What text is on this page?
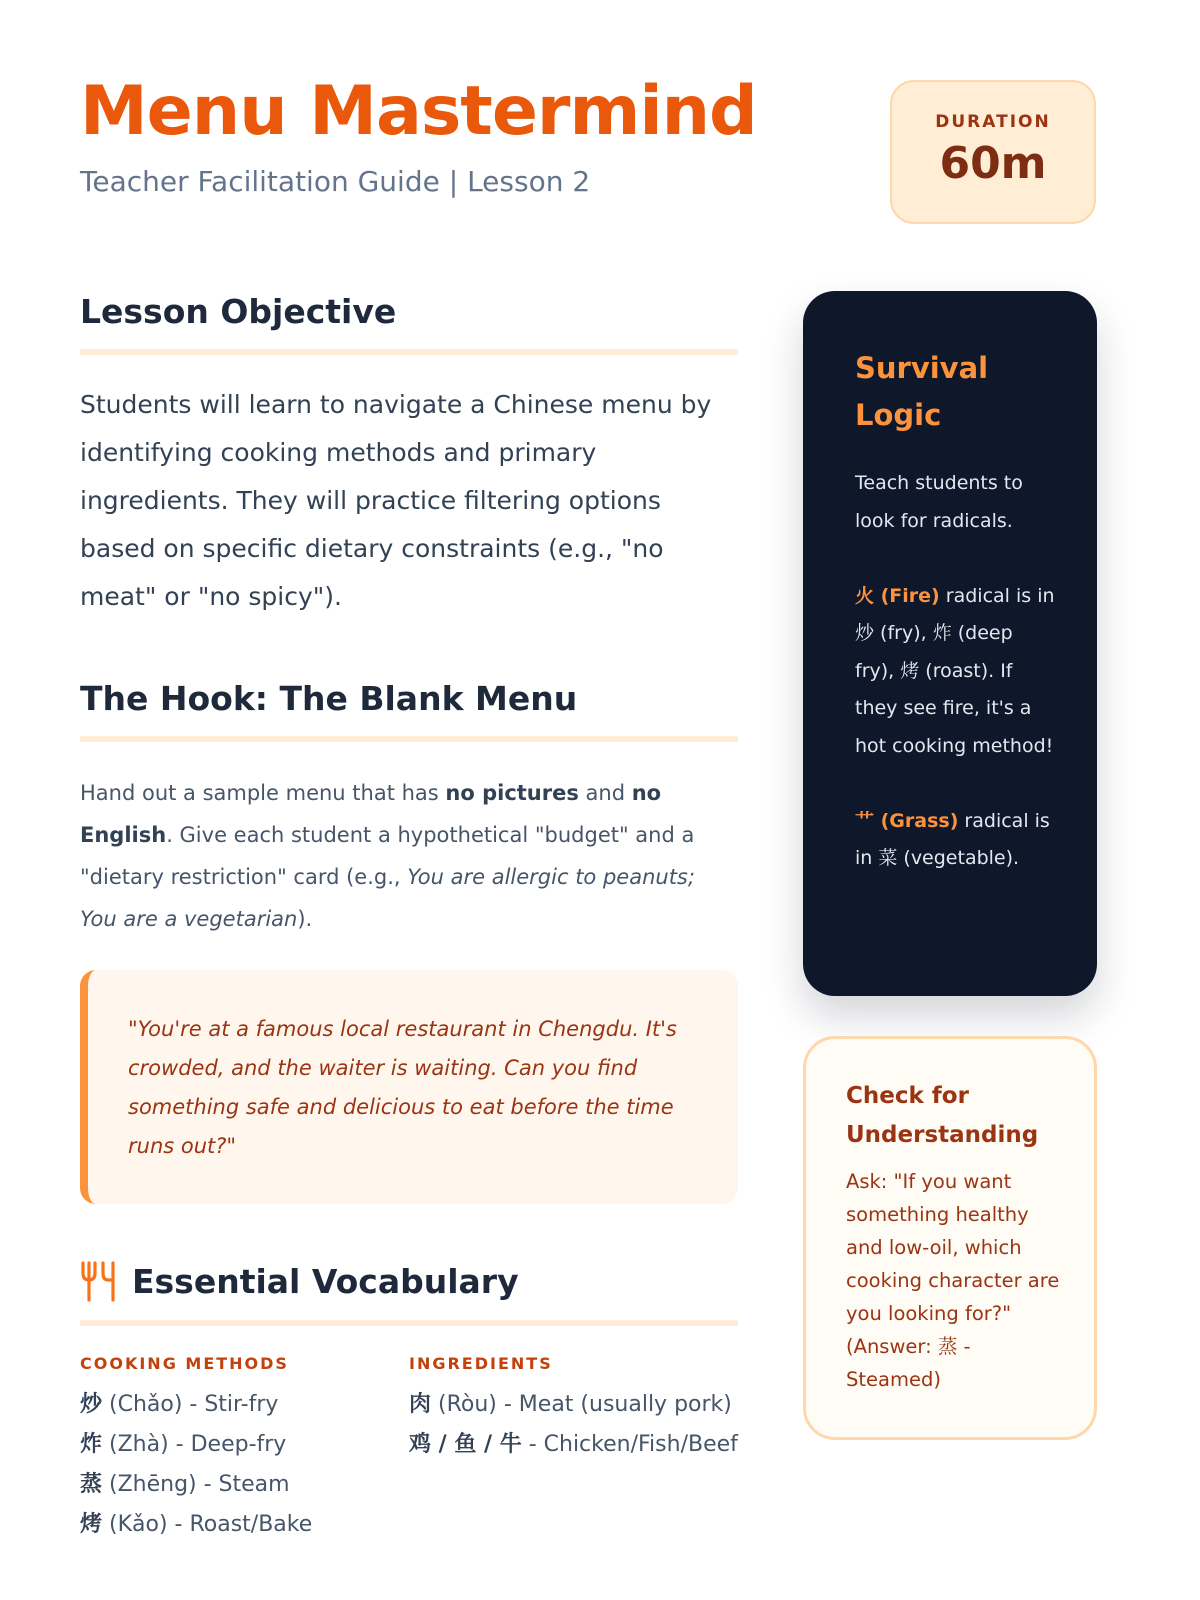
Menu Mastermind
Teacher Facilitation Guide | Lesson 2
DURATION
60m
Lesson Objective

Students will learn to navigate a Chinese menu by identifying cooking methods and primary ingredients. They will practice filtering options based on specific dietary constraints (e.g., "no meat" or "no spicy").

The Hook: The Blank Menu

Hand out a sample menu that has no pictures and no English. Give each student a hypothetical "budget" and a "dietary restriction" card (e.g., You are allergic to peanuts; You are a vegetarian).

"You're at a famous local restaurant in Chengdu. It's crowded, and the waiter is waiting. Can you find something safe and delicious to eat before the time runs out?"
Essential Vocabulary
COOKING METHODS
炒 (Chǎo) - Stir-fry
炸 (Zhà) - Deep-fry
蒸 (Zhēng) - Steam
烤 (Kǎo) - Roast/Bake
INGREDIENTS
肉 (Ròu) - Meat (usually pork)
鸡 / 鱼 / 牛 - Chicken/Fish/Beef
Survival Logic

Teach students to look for radicals.

火 (Fire) radical is in 炒 (fry), 炸 (deep fry), 烤 (roast). If they see fire, it's a hot cooking method!

艹 (Grass) radical is in 菜 (vegetable).

Check for Understanding
Ask: "If you want something healthy and low-oil, which cooking character are you looking for?" (Answer: 蒸 - Steamed)
